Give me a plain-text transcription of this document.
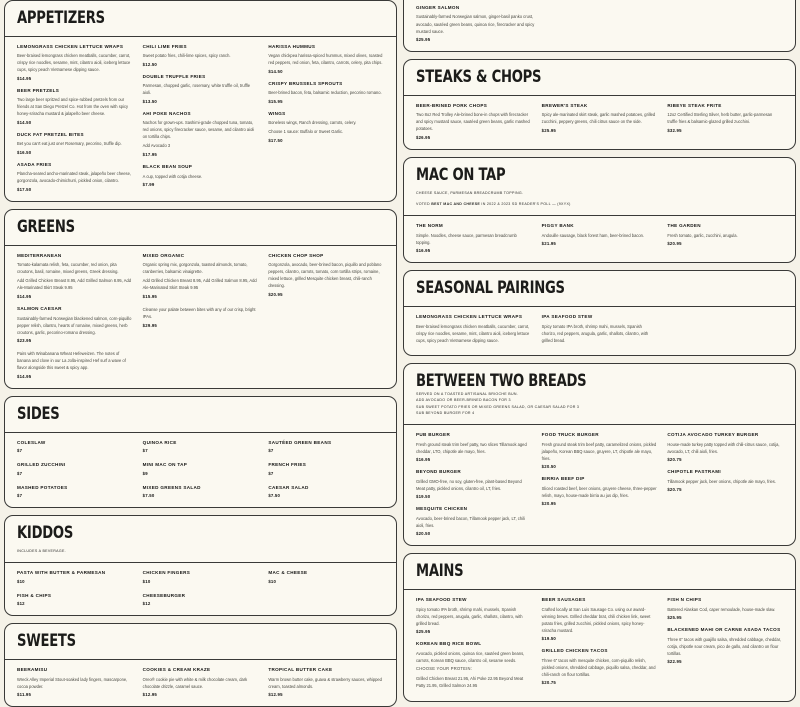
APPETIZERS
LEMONGRASS CHICKEN LETTUCE WRAPS
Beer-braised lemongrass chicken meatballs, cucumber, carrot, crispy rice noodles, sesame, mint, cilantro aioli, iceberg lettuce cups, spicy peach Vietnamese dipping sauce.
$14.95
BEER PRETZELS
Two large beer spritzed and spice-rubbed pretzels from our friends at San Diego Pretzel Co. Hot from the oven with spicy honey-sriracha mustard & jalapeño beer cheese.
$14.50
DUCK FAT PRETZEL BITES
Bet you can't eat just one! Rosemary, pecorino, truffle dip.
$16.50
ASADA FRIES
Plancha-seared ancho-marinated steak, jalapeño beer cheese, gorgonzola, avocado-chimichurri, pickled onion, cilantro.
$17.50
CHILI LIME FRIES
Sweet potato fries, chili-lime spices, spicy ranch.
$12.50
DOUBLE TRUFFLE FRIES
Parmesan, chopped garlic, rosemary, white truffle oil, truffle aioli.
$13.50
AHI POKE NACHOS
Nachos for grown-ups. Sashimi-grade chopped tuna, tomato, red onions, spicy firecracker sauce, sesame, and cilantro aioli on tortilla chips.
Add Avocado 3
$17.95
BLACK BEAN SOUP
A cup, topped with cotija cheese.
$7.99
HARISSA HUMMUS
Vegan chickpea harissa-spiced hummus, mixed olives, roasted red peppers, red onion, feta, cilantro, carrots, celery, pita chips.
$14.50
CRISPY BRUSSELS SPROUTS
Beer-brined bacon, feta, balsamic reduction, pecorino romano.
$15.95
WINGS
Boneless wings, Ranch dressing, carrots, celery.
Choose 1 sauce: Buffalo or Sweet Garlic.
$17.50
GREENS
MEDITERRANEAN
Tomato-kalamata relish, feta, cucumber, red onion, pita croutons, basil, romaine, mixed greens, Greek dressing.
Add Grilled Chicken Breast 8.95, Add Grilled Salmon 8.95, Add Ale-Marinated Skirt Steak 9.95
$14.95
SALMON CAESAR
Sustainably-farmed Norwegian blackened salmon, corn-piquillo pepper relish, cilantro, hearts of romaine, mixed greens, herb croutons, garlic, pecorino-romano dressing.
$23.95
Pairs with Winabanana Wheat Hefeweizen. The notes of banana and clove in our La Jolla-inspired Hef surf a wave of flavor alongside this sweet & spicy app.
$14.95
MIXED ORGANIC
Organic spring mix, gorgonzola, toasted almonds, tomato, cranberries, balsamic vinaigrette.
Add Grilled Chicken Breast 8.95, Add Grilled Salmon 8.95, Add Ale-Marinated Skirt Steak 9.95
$15.95
Cleanse your palate between bites with any of our crisp, bright IPAs.
$29.95
CHICKEN CHOP SHOP
Gorgonzola, avocado, beer-brined bacon, piquillo and poblano peppers, cilantro, carrots, tomato, corn tortilla strips, romaine, mixed lettuce, grilled Mesquite chicken breast, chili-ranch dressing.
$20.95
SIDES
COLESLAW
$7
GRILLED ZUCCHINI
$7
MASHED POTATOES
$7
QUINOA RICE
$7
MINI MAC ON TAP
$9
MIXED GREENS SALAD
$7.50
SAUTÉED GREEN BEANS
$7
FRENCH FRIES
$7
CAESAR SALAD
$7.50
KIDDOS
INCLUDES A BEVERAGE.
PASTA WITH BUTTER & PARMESAN
$10
FISH & CHIPS
$12
CHICKEN FINGERS
$10
CHEESEBURGER
$12
MAC & CHEESE
$10
SWEETS
BEERAMISU
Wreck Alley Imperial Stout-soaked lady fingers, mascarpone, cocoa powder.
$11.95
COOKIES & CREAM KRAZE
Oreo® cookie pie with white & milk chocolate cream, dark chocolate drizzle, caramel sauce.
$12.95
TROPICAL BUTTER CAKE
Warm brown butter cake, guava & strawberry sauces, whipped cream, toasted almonds.
$12.95
GINGER SALMON
Sustainably-farmed Norwegian salmon, ginger-basil panko crust, avocado, sautéed green beans, quinoa rice, firecracker and spicy mustard sauce.
$25.95
STEAKS & CHOPS
BEER-BRINED PORK CHOPS
Two 8oz Red Trolley Ale-brined bone-in chops with firecracker and spicy mustard sauce, sautéed green beans, garlic mashed potatoes.
$26.95
BREWER'S STEAK
Spicy ale-marinated skirt steak, garlic mashed potatoes, grilled zucchini, peppery greens, chili citrus sauce on the side.
$25.95
RIBEYE STEAK FRITE
12oz Certified Sterling Silver, herb butter, garlic-parmesan truffle fries & balsamic-glazed grilled zucchini.
$32.95
MAC ON TAP
CHEESE SAUCE, PARMESAN BREADCRUMB TOPPING.
VOTED BEST MAC AND CHEESE IN 2022 & 2023 SD READER'S POLL — (9XYX)
THE NORM
Simple. Noodles, cheese sauce, parmesan breadcrumb topping.
$16.95
PIGGY BANK
Andouille sausage, black forest ham, beer-brined bacon.
$21.95
THE GARDEN
Fresh tomato, garlic, zucchini, arugula.
$20.95
SEASONAL PAIRINGS
LEMONGRASS CHICKEN LETTUCE WRAPS
Beer-braised lemongrass chicken meatballs, cucumber, carrot, crispy rice noodles, sesame, mint, cilantro aioli, iceberg lettuce cups, spicy peach Vietnamese dipping sauce.
IPA SEAFOOD STEW
Spicy tomato IPA broth, shrimp mahi, mussels, Spanish chorizo, red peppers, arugula, garlic, shallots, cilantro, with grilled bread.
BETWEEN TWO BREADS
SERVED ON A TOASTED ARTISANAL BRIOCHE BUN.
ADD AVOCADO OR BEER-BRINED BACON FOR 3
SUB SWEET POTATO FRIES OR MIXED GREENS SALAD, OR CAESAR SALAD FOR 3
SUB BEYOND BURGER FOR 4
PUB BURGER
Fresh ground steak trim beef patty, two slices Tillamook aged cheddar, LTO, chipotle ale mayo, fries.
$16.95
BEYOND BURGER
Grilled GMO-free, no soy, gluten-free, plant-based Beyond Meat patty, pickled onions, cilantro oil, LT, fries.
$19.50
MESQUITE CHICKEN
Avocado, beer-brined bacon, Tillamook pepper jack, LT, chili aioli, fries.
$20.50
FOOD TRUCK BURGER
Fresh ground steak trim beef patty, caramelized onions, pickled jalapeño, Korean BBQ sauce, gruyere, LT, chipotle ale mayo, fries.
$20.50
BIRRIA BEEF DIP
Sliced roasted beef, beer onions, gruyere cheese, three-pepper relish, mayo, house-made birria au jus dip, fries.
$20.95
COTIJA AVOCADO TURKEY BURGER
House-made turkey patty topped with chili-citrus sauce, cotija, avocado, LT, chili aioli, fries.
$20.75
CHIPOTLE PASTRAMI
Tillamook pepper jack, beer onions, chipotle ale mayo, fries.
$20.75
MAINS
IPA SEAFOOD STEW
Spicy tomato IPA broth, shrimp mahi, mussels, Spanish chorizo, red peppers, arugula, garlic, shallots, cilantro, with grilled bread.
$25.95
KOREAN BBQ RICE BOWL
Avocado, pickled onions, quinoa rice, sautéed green beans, carrots, Korean BBQ sauce, cilantro oil, sesame seeds.
CHOOSE YOUR PROTEIN:
Grilled Chicken Breast 21.95, Ahi Poke 22.95 Beyond Meat Patty 21.95, Grilled Salmon 24.95
BEER SAUSAGES
Crafted locally at San Luis Sausage Co. using our award-winning brews. Grilled cheddar brat, chili chicken link, sweet potato fries, grilled zucchini, pickled onions, spicy honey-sriracha mustard.
$19.50
GRILLED CHICKEN TACOS
Three 6" tacos with mesquite chicken, corn-piquillo relish, pickled onions, shredded cabbage, piquillo salsa, cheddar, and chili-ranch on flour tortillas.
$20.75
FISH N CHIPS
Battered Alaskan Cod, caper remoulade, house-made slaw.
$25.95
BLACKENED MAHI OR CARNE ASADA TACOS
Three 6" tacos with guajillo salsa, shredded cabbage, cheddar, cotija, chipotle sour cream, pico de gallo, and cilantro on flour tortillas.
$22.95
